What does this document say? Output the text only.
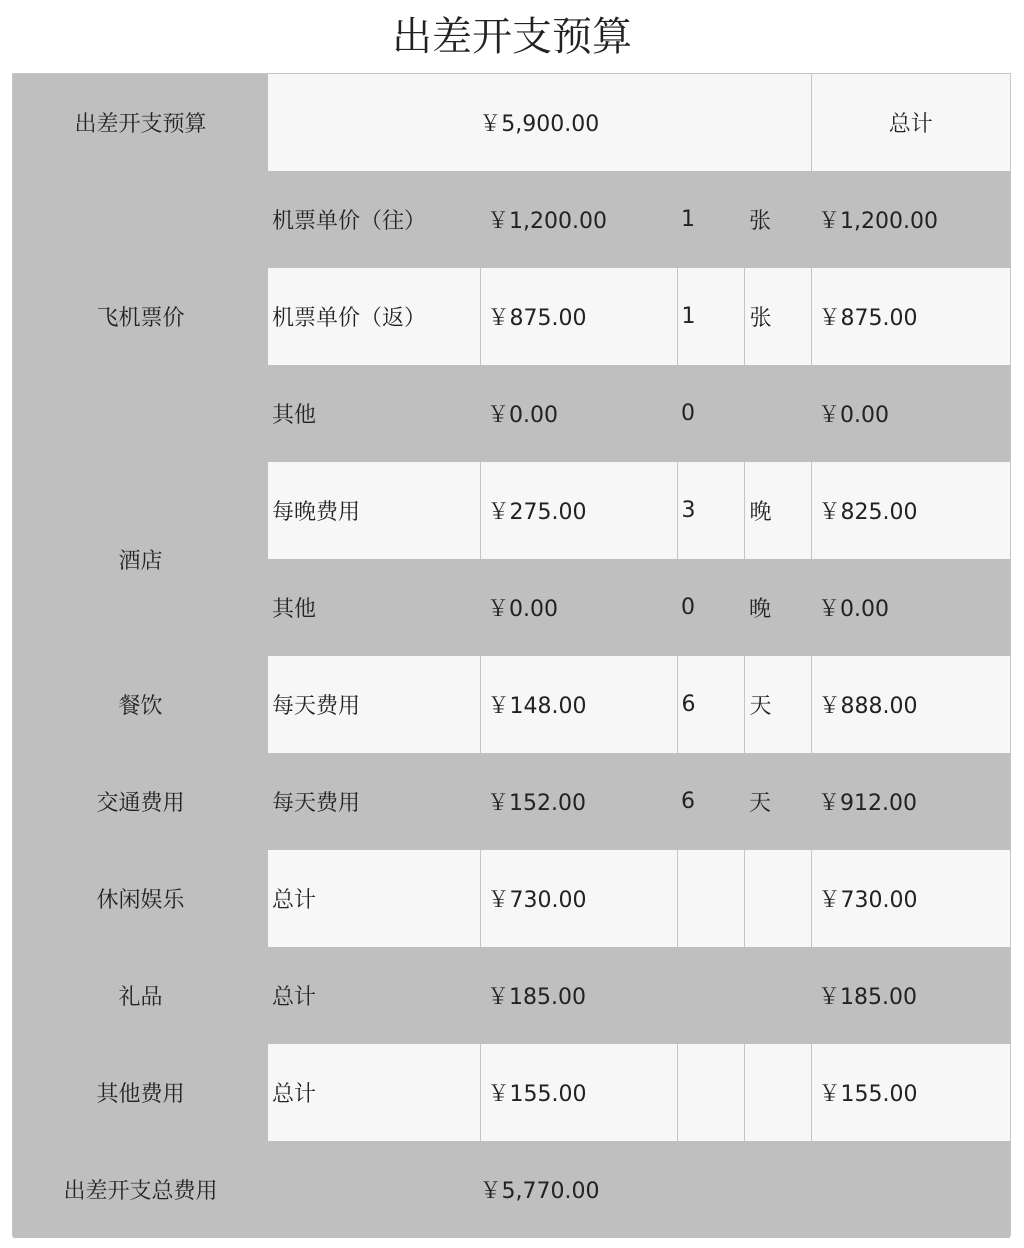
出差开支预算
出差开支预算	￥5,900.00				总计
飞机票价	机票单价（往）	￥1,200.00	1	张	￥1,200.00
	机票单价（返）	￥875.00	1	张	￥875.00
	其他	￥0.00	0		￥0.00
酒店	每晚费用	￥275.00	3	晚	￥825.00
	其他	￥0.00	0	晚	￥0.00
餐饮	每天费用	￥148.00	6	天	￥888.00
交通费用	每天费用	￥152.00	6	天	￥912.00
休闲娱乐	总计	￥730.00			￥730.00
礼品	总计	￥185.00			￥185.00
其他费用	总计	￥155.00			￥155.00
出差开支总费用	￥5,770.00				
